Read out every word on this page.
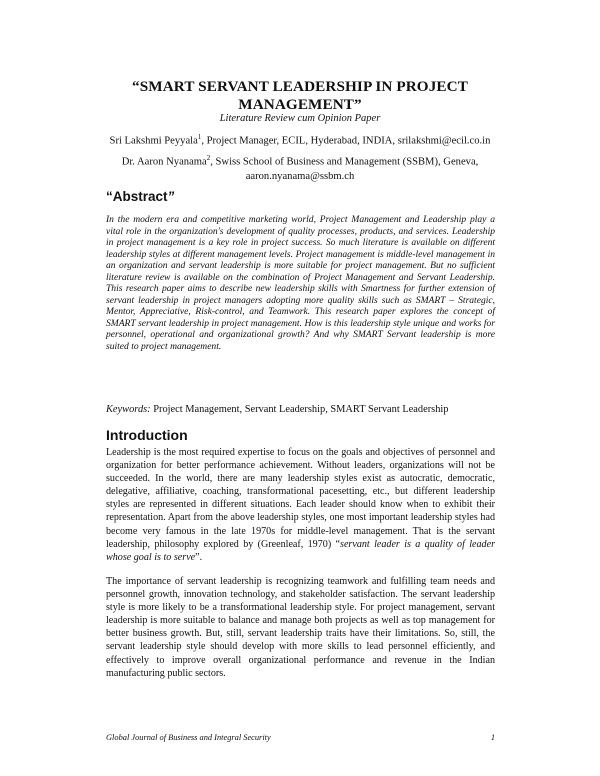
“SMART SERVANT LEADERSHIP IN PROJECT MANAGEMENT”
Literature Review cum Opinion Paper
Sri Lakshmi Peyyala$^1$, Project Manager, ECIL, Hyderabad, INDIA, srilakshmi@ecil.co.in
Dr. Aaron Nyanama$^2$, Swiss School of Business and Management (SSBM), Geneva,
aaron.nyanama@ssbm.ch
“Abstract”
In the modern era and competitive marketing world, Project Management and Leadership play a vital role in the organization's development of quality processes, products, and services. Leadership in project management is a key role in project success. So much literature is available on different leadership styles at different management levels. Project management is middle-level management in an organization and servant leadership is more suitable for project management. But no sufficient literature review is available on the combination of Project Management and Servant Leadership. This research paper aims to describe new leadership skills with Smartness for further extension of servant leadership in project managers adopting more quality skills such as SMART – Strategic, Mentor, Appreciative, Risk-control, and Teamwork. This research paper explores the concept of SMART servant leadership in project management. How is this leadership style unique and works for personnel, operational and organizational growth? And why SMART Servant leadership is more suited to project management.
Keywords: Project Management, Servant Leadership, SMART Servant Leadership
Introduction
Leadership is the most required expertise to focus on the goals and objectives of personnel and organization for better performance achievement. Without leaders, organizations will not be succeeded. In the world, there are many leadership styles exist as autocratic, democratic, delegative, affiliative, coaching, transformational pacesetting, etc., but different leadership styles are represented in different situations. Each leader should know when to exhibit their representation. Apart from the above leadership styles, one most important leadership styles had become very famous in the late 1970s for middle-level management. That is the servant leadership, philosophy explored by (Greenleaf, 1970) “servant leader is a quality of leader whose goal is to serve”.
The importance of servant leadership is recognizing teamwork and fulfilling team needs and personnel growth, innovation technology, and stakeholder satisfaction. The servant leadership style is more likely to be a transformational leadership style. For project management, servant leadership is more suitable to balance and manage both projects as well as top management for better business growth. But, still, servant leadership traits have their limitations. So, still, the servant leadership style should develop with more skills to lead personnel efficiently, and effectively to improve overall organizational performance and revenue in the Indian manufacturing public sectors.
Global Journal of Business and Integral Security	1
